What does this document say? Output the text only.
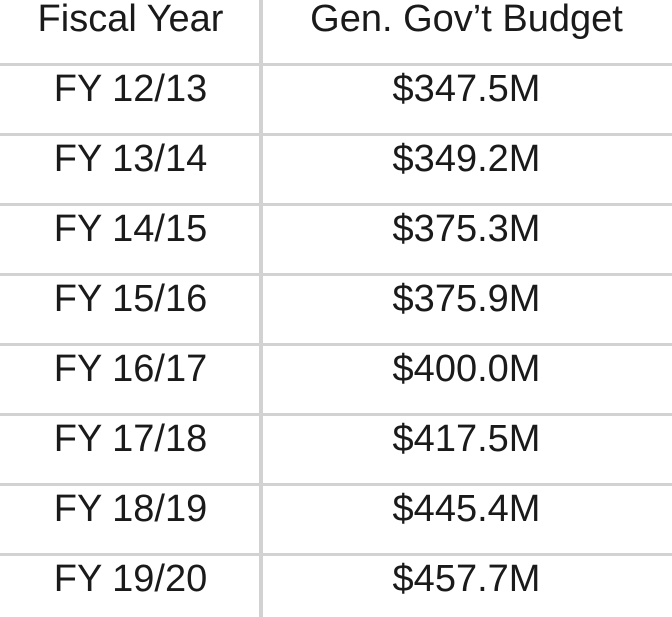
Fiscal Year	Gen. Gov’t Budget
FY 12/13	$347.5M
FY 13/14	$349.2M
FY 14/15	$375.3M
FY 15/16	$375.9M
FY 16/17	$400.0M
FY 17/18	$417.5M
FY 18/19	$445.4M
FY 19/20	$457.7M
